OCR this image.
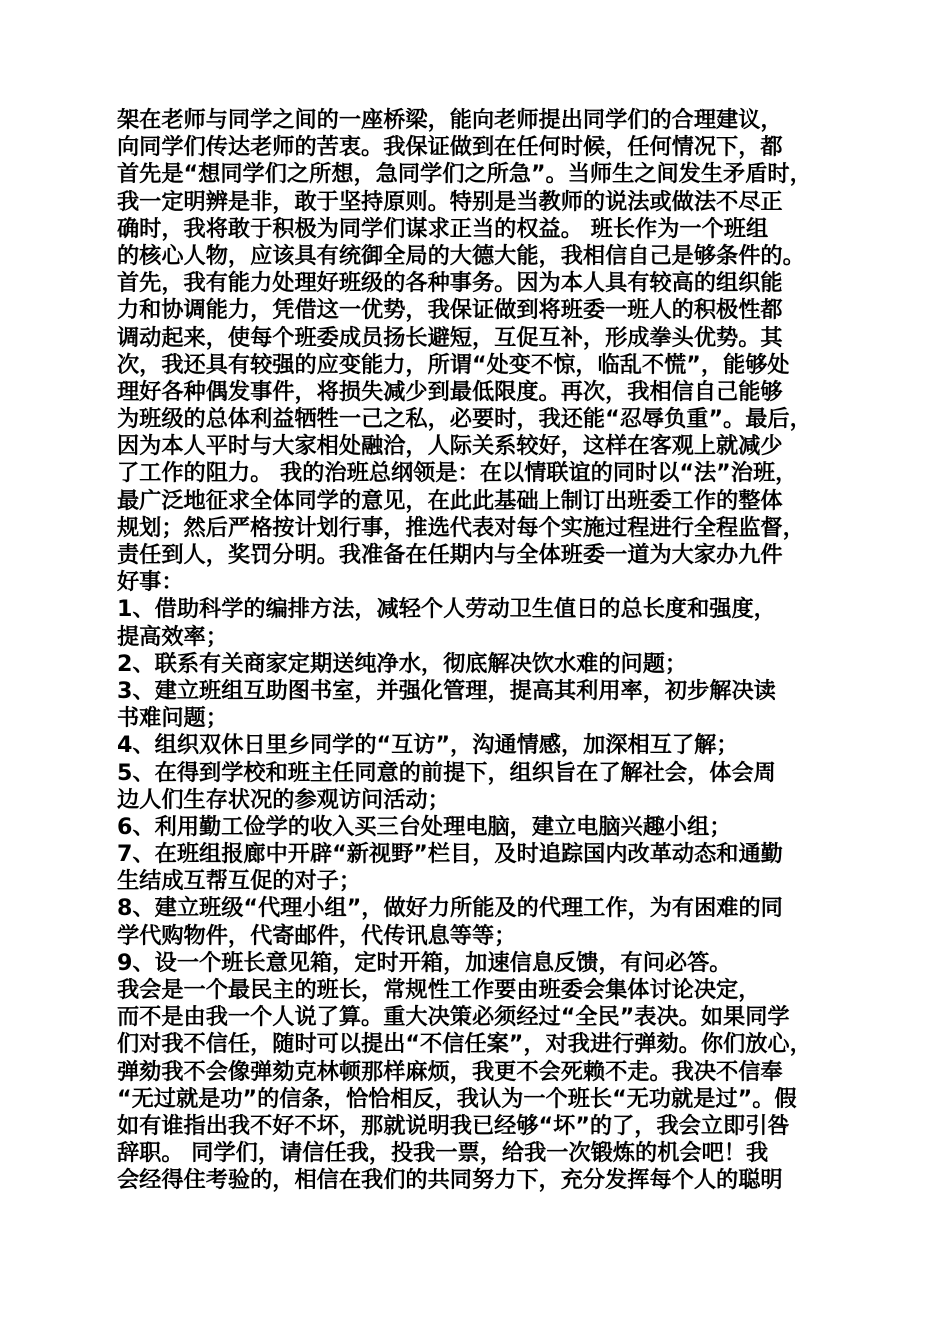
架在老师与同学之间的一座桥梁，能向老师提出同学们的合理建议，
向同学们传达老师的苦衷。我保证做到在任何时候，任何情况下，都
首先是“想同学们之所想，急同学们之所急”。当师生之间发生矛盾时，
我一定明辨是非，敢于坚持原则。特别是当教师的说法或做法不尽正
确时，我将敢于积极为同学们谋求正当的权益。 班长作为一个班组
的核心人物，应该具有统御全局的大德大能，我相信自己是够条件的。
首先，我有能力处理好班级的各种事务。因为本人具有较高的组织能
力和协调能力，凭借这一优势，我保证做到将班委一班人的积极性都
调动起来，使每个班委成员扬长避短，互促互补，形成拳头优势。其
次，我还具有较强的应变能力，所谓“处变不惊，临乱不慌”，能够处
理好各种偶发事件，将损失减少到最低限度。再次，我相信自己能够
为班级的总体利益牺牲一己之私，必要时，我还能“忍辱负重”。最后，
因为本人平时与大家相处融洽，人际关系较好，这样在客观上就减少
了工作的阻力。 我的治班总纲领是：在以情联谊的同时以“法”治班，
最广泛地征求全体同学的意见，在此此基础上制订出班委工作的整体
规划；然后严格按计划行事，推选代表对每个实施过程进行全程监督，
责任到人，奖罚分明。我准备在任期内与全体班委一道为大家办九件
好事：
1、借助科学的编排方法，减轻个人劳动卫生值日的总长度和强度，
提高效率；
2、联系有关商家定期送纯净水，彻底解决饮水难的问题；
3、建立班组互助图书室，并强化管理，提高其利用率，初步解决读
书难问题；
4、组织双休日里乡同学的“互访”，沟通情感，加深相互了解；
5、在得到学校和班主任同意的前提下，组织旨在了解社会，体会周
边人们生存状况的参观访问活动；
6、利用勤工俭学的收入买三台处理电脑，建立电脑兴趣小组；
7、在班组报廊中开辟“新视野”栏目，及时追踪国内改革动态和通勤
生结成互帮互促的对子；
8、建立班级“代理小组”，做好力所能及的代理工作，为有困难的同
学代购物件，代寄邮件，代传讯息等等；
9、设一个班长意见箱，定时开箱，加速信息反馈，有问必答。
我会是一个最民主的班长，常规性工作要由班委会集体讨论决定，
而不是由我一个人说了算。重大决策必须经过“全民”表决。如果同学
们对我不信任，随时可以提出“不信任案”，对我进行弹劾。你们放心，
弹劾我不会像弹劾克林顿那样麻烦，我更不会死赖不走。我决不信奉
“无过就是功”的信条，恰恰相反，我认为一个班长“无功就是过”。假
如有谁指出我不好不坏，那就说明我已经够“坏”的了，我会立即引咎
辞职。 同学们，请信任我，投我一票，给我一次锻炼的机会吧！我
会经得住考验的，相信在我们的共同努力下，充分发挥每个人的聪明
